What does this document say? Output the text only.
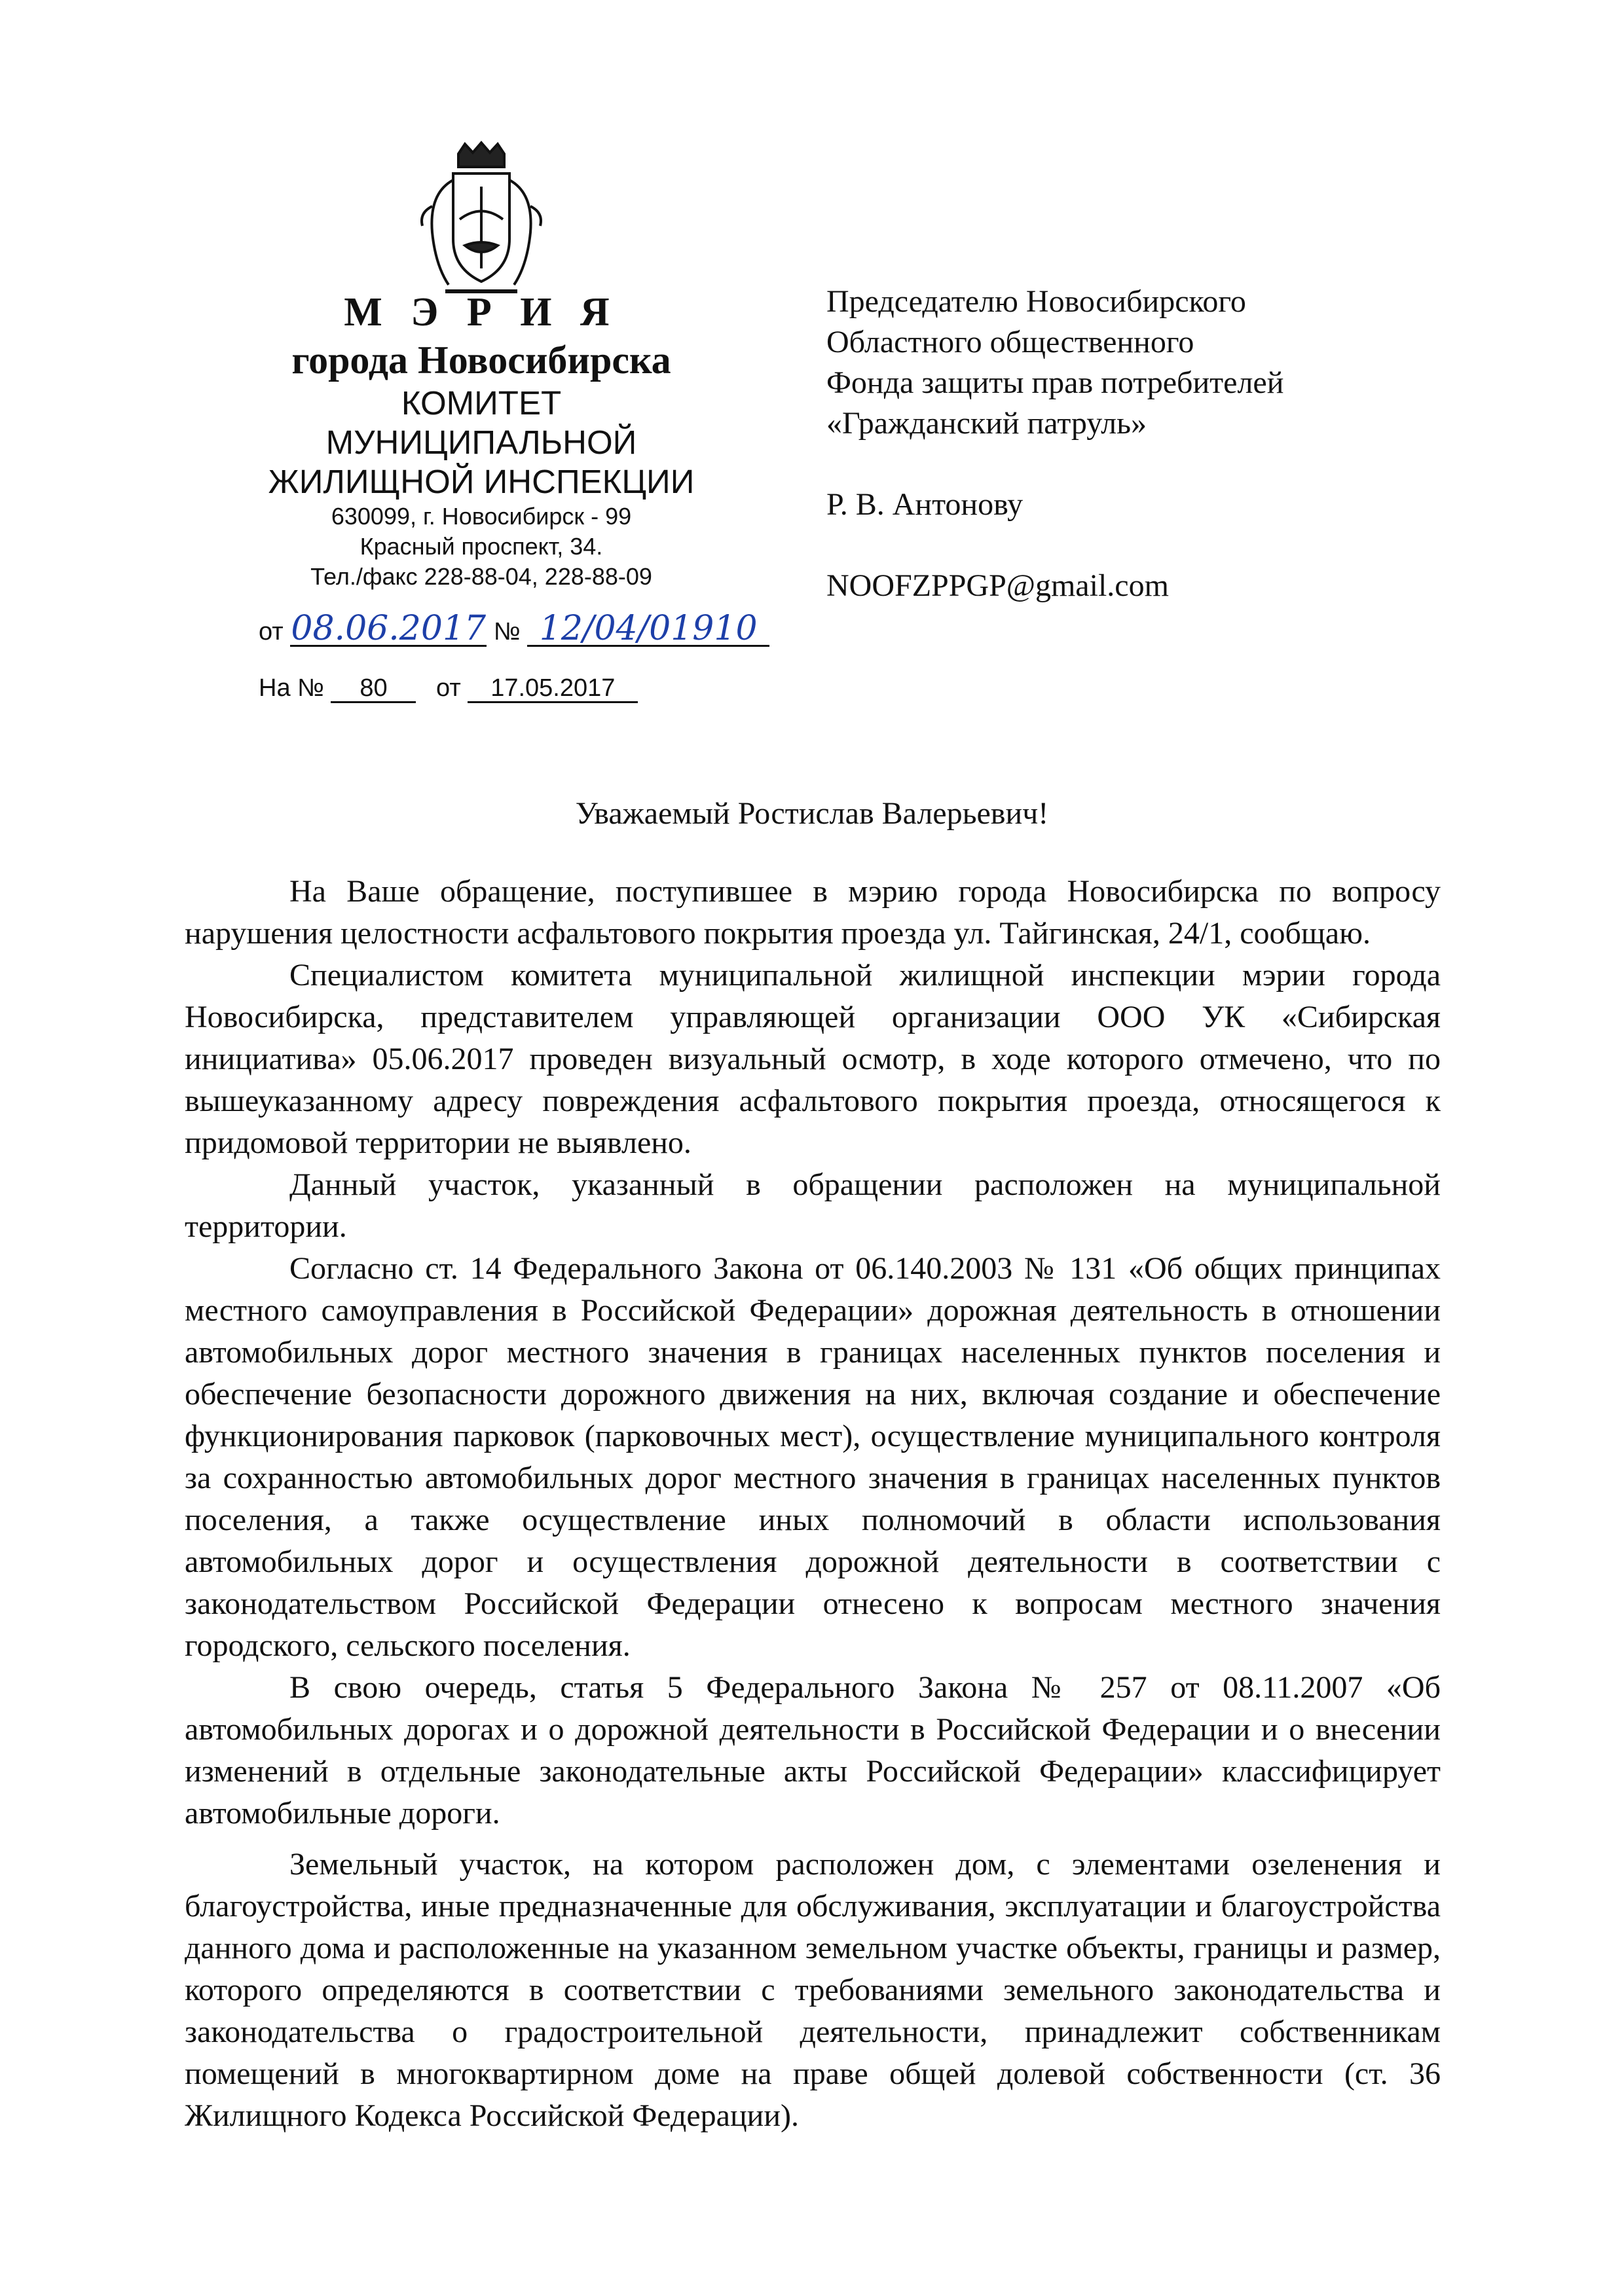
М Э Р И Я
города Новосибирска
КОМИТЕТ
МУНИЦИПАЛЬНОЙ
ЖИЛИЩНОЙ ИНСПЕКЦИИ
630099, г. Новосибирск - 99
Красный проспект, 34.
Тел./факс 228-88-04, 228-88-09
от 08.06.2017 № 12/04/01910
На № 80 от 17.05.2017
Председателю Новосибирского
Областного общественного
Фонда защиты прав потребителей
«Гражданский патруль»
Р. В. Антонову
NOOFZPPGP@gmail.com
Уважаемый Ростислав Валерьевич!

На Ваше обращение, поступившее в мэрию города Новосибирска по вопросу нарушения целостности асфальтового покрытия проезда ул. Тайгинская, 24/1, сообщаю.

Специалистом комитета муниципальной жилищной инспекции мэрии города Новосибирска, представителем управляющей организации ООО УК «Сибирская инициатива» 05.06.2017 проведен визуальный осмотр, в ходе которого отмечено, что по вышеуказанному адресу повреждения асфальтового покрытия проезда, относящегося к придомовой территории не выявлено.

Данный участок, указанный в обращении расположен на муниципальной территории.

Согласно ст. 14 Федерального Закона от 06.140.2003 № 131 «Об общих принципах местного самоуправления в Российской Федерации» дорожная деятельность в отношении автомобильных дорог местного значения в границах населенных пунктов поселения и обеспечение безопасности дорожного движения на них, включая создание и обеспечение функционирования парковок (парковочных мест), осуществление муниципального контроля за сохранностью автомобильных дорог местного значения в границах населенных пунктов поселения, а также осуществление иных полномочий в области использования автомобильных дорог и осуществления дорожной деятельности в соответствии с законодательством Российской Федерации отнесено к вопросам местного значения городского, сельского поселения.

В свою очередь, статья 5 Федерального Закона № 257 от 08.11.2007 «Об автомобильных дорогах и о дорожной деятельности в Российской Федерации и о внесении изменений в отдельные законодательные акты Российской Федерации» классифицирует автомобильные дороги.

Земельный участок, на котором расположен дом, с элементами озеленения и благоустройства, иные предназначенные для обслуживания, эксплуатации и благоустройства данного дома и расположенные на указанном земельном участке объекты, границы и размер, которого определяются в соответствии с требованиями земельного законодательства и законодательства о градостроительной деятельности, принадлежит собственникам помещений в многоквартирном доме на праве общей долевой собственности (ст. 36 Жилищного Кодекса Российской Федерации).
